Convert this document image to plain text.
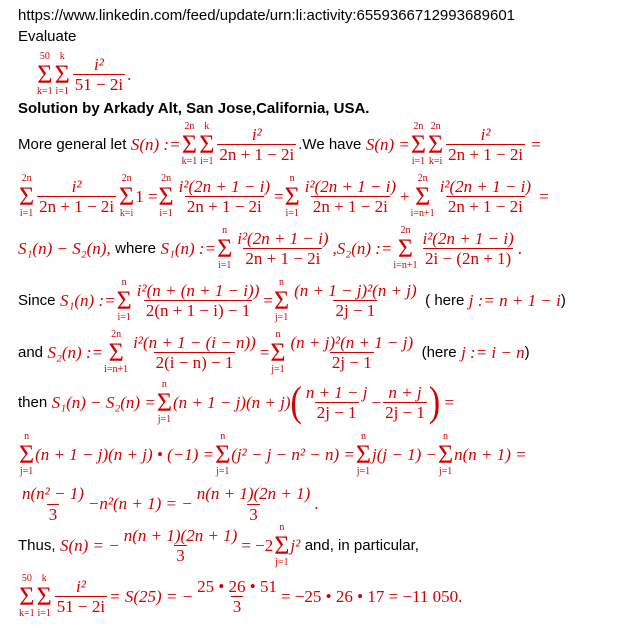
https://www.linkedin.com/feed/update/urn:li:activity:6559366712993689601
Evaluate
50
Σ
k=1
k
Σ
$i=1 \frac{\text{i²}}{51 - 2i}$ .
Solution by Arkady Alt, San Jose,California, USA.
More general let
S(n) :=
2n
Σ
k=1
k
Σ
$i=1 \frac{\text{i²}}{2n + 1 - 2i} .We$ have
S(n) =
2n
Σ
i=1
2n
Σ
$k=i \frac{\text{i²}}{2n + 1 - 2i}$ =
2n
Σ
$i=1 \frac{\text{i²}}{2n + 1 - 2i} 2n$
Σ
k=i
1 =
2n
Σ
$i=1 \frac{\text{i²(2n + 1 − i)}}{2n + 1 - 2i}$ =
n
Σ
$i=1 \frac{\text{i²(2n + 1 − i)}}{2n + 1 - 2i}$ +
2n
Σ
$i=n+1 \frac{\text{i²(2n + 1 − i)}}{2n + 1 - 2i}$ =
S₁(n) − S₂(n),
where
S₁(n) :=
n
Σ
$i=1 \frac{\text{i²(2n + 1 − i)}}{2n + 1 - 2i} ,S_2(n)$ :=
2n
Σ
$i=n+1 \frac{\text{i²(2n + 1 − i)}}{2i - (2n + 1)}$ .
Since
S₁(n) :=
n
Σ
$i=1 \frac{\text{i²(n + (n + 1 − i))}}{2(n + 1 - i) - 1}$ =
n
Σ
$j=1 \frac{\text{(n + 1 − j)²(n + j)}}{2j - 1}$
( here
j := n + 1 − i )
and
S₂(n) :=
2n
Σ
$i=n+1 \frac{\text{i²(n + 1 − (i − n))}}{2(i - n) - 1}$ =
n
Σ
$j=1 \frac{\text{(n + j)²(n + 1 − j)}}{2j - 1}$
(here
j := i − n )
then
S₁(n) − S₂(n) =
n
Σ
j=1
(n + 1 − j)(n + j) ( $\frac{n + 1 - j}{2j - 1} - \frac{n + j}{2j - 1}$ ) =
n
Σ
j=1
(n + 1 − j)(n + j) • (−1) =
n
Σ
j=1
(j² − j − n² − n) =
n
Σ
j=1
j(j − 1) −
n
Σ
j=1
n(n + 1) =
$\frac{\text{n(n² − 1)}}{3} -n^2(n + 1)$ = − $\frac{n(n + 1)(2n + 1)}{3}$ .
Thus,
S(n) = − $\frac{n(n + 1)(2n + 1)}{3} = -2$
n
Σ
j=1
j²
and, in particular,
50
Σ
k=1
k
Σ
$i=1 \frac{\text{i²}}{51 - 2i} = S(25)$ = − $\frac{25 • 26 • 51}{3} = -25$ • 26 • 17 = −11 050.
